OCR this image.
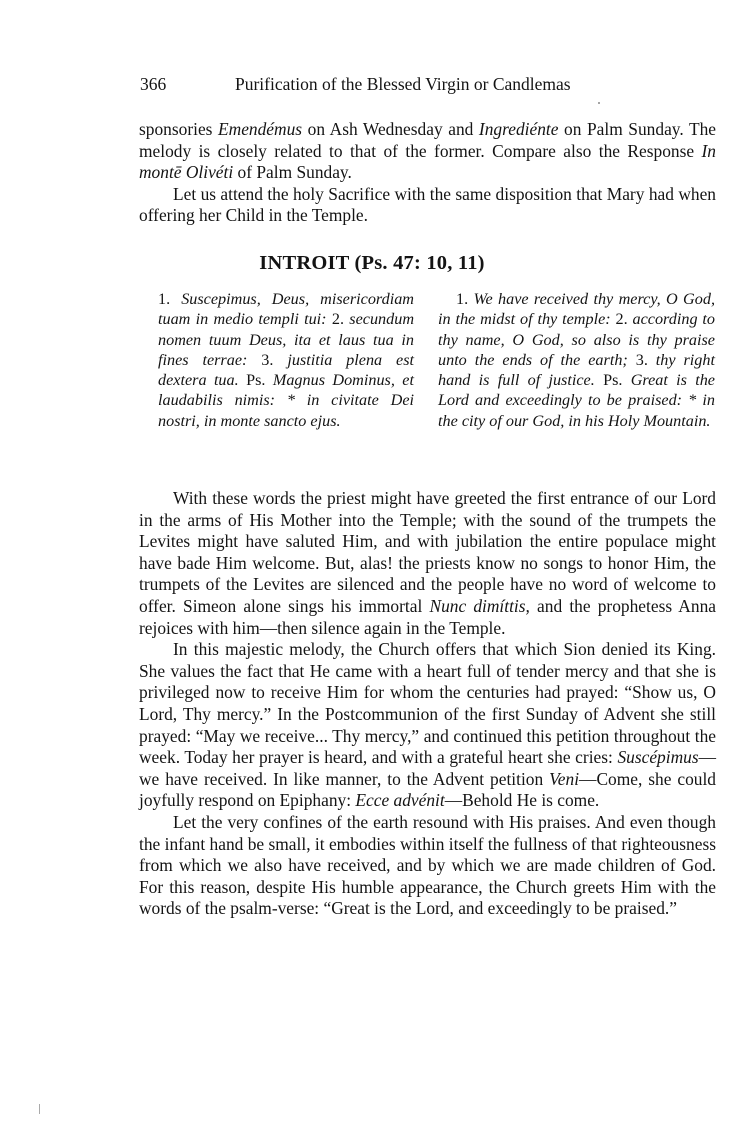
366	Purification of the Blessed Virgin or Candlemas

sponsories Emendémus on Ash Wednesday and Ingrediénte on Palm Sunday. The melody is closely related to that of the former. Compare also the Response In montē Olivéti of Palm Sunday.

Let us attend the holy Sacrifice with the same disposition that Mary had when offering her Child in the Temple.

INTROIT (Ps. 47: 10, 11)
1. Suscepimus, Deus, misericordiam tuam in medio templi tui: 2. secundum nomen tuum Deus, ita et laus tua in fines terrae: 3. justitia plena est dextera tua. Ps. Magnus Dominus, et laudabilis nimis: * in civitate Dei nostri, in monte sancto ejus.
1. We have received thy mercy, O God, in the midst of thy temple: 2. according to thy name, O God, so also is thy praise unto the ends of the earth; 3. thy right hand is full of justice. Ps. Great is the Lord and exceedingly to be praised: * in the city of our God, in his Holy Mountain.

With these words the priest might have greeted the first entrance of our Lord in the arms of His Mother into the Temple; with the sound of the trumpets the Levites might have saluted Him, and with jubilation the entire populace might have bade Him welcome. But, alas! the priests know no songs to honor Him, the trumpets of the Levites are silenced and the people have no word of welcome to offer. Simeon alone sings his immortal Nunc dimíttis, and the prophetess Anna rejoices with him—then silence again in the Temple.

In this majestic melody, the Church offers that which Sion denied its King. She values the fact that He came with a heart full of tender mercy and that she is privileged now to receive Him for whom the centuries had prayed: “Show us, O Lord, Thy mercy.” In the Postcommunion of the first Sunday of Advent she still prayed: “May we receive... Thy mercy,” and continued this petition throughout the week. Today her prayer is heard, and with a grateful heart she cries: Suscépimus—we have received. In like manner, to the Advent petition Veni—Come, she could joyfully respond on Epiphany: Ecce advénit—Behold He is come.

Let the very confines of the earth resound with His praises. And even though the infant hand be small, it embodies within itself the fullness of that righteousness from which we also have received, and by which we are made children of God. For this reason, despite His humble appearance, the Church greets Him with the words of the psalm-verse: “Great is the Lord, and exceedingly to be praised.”
